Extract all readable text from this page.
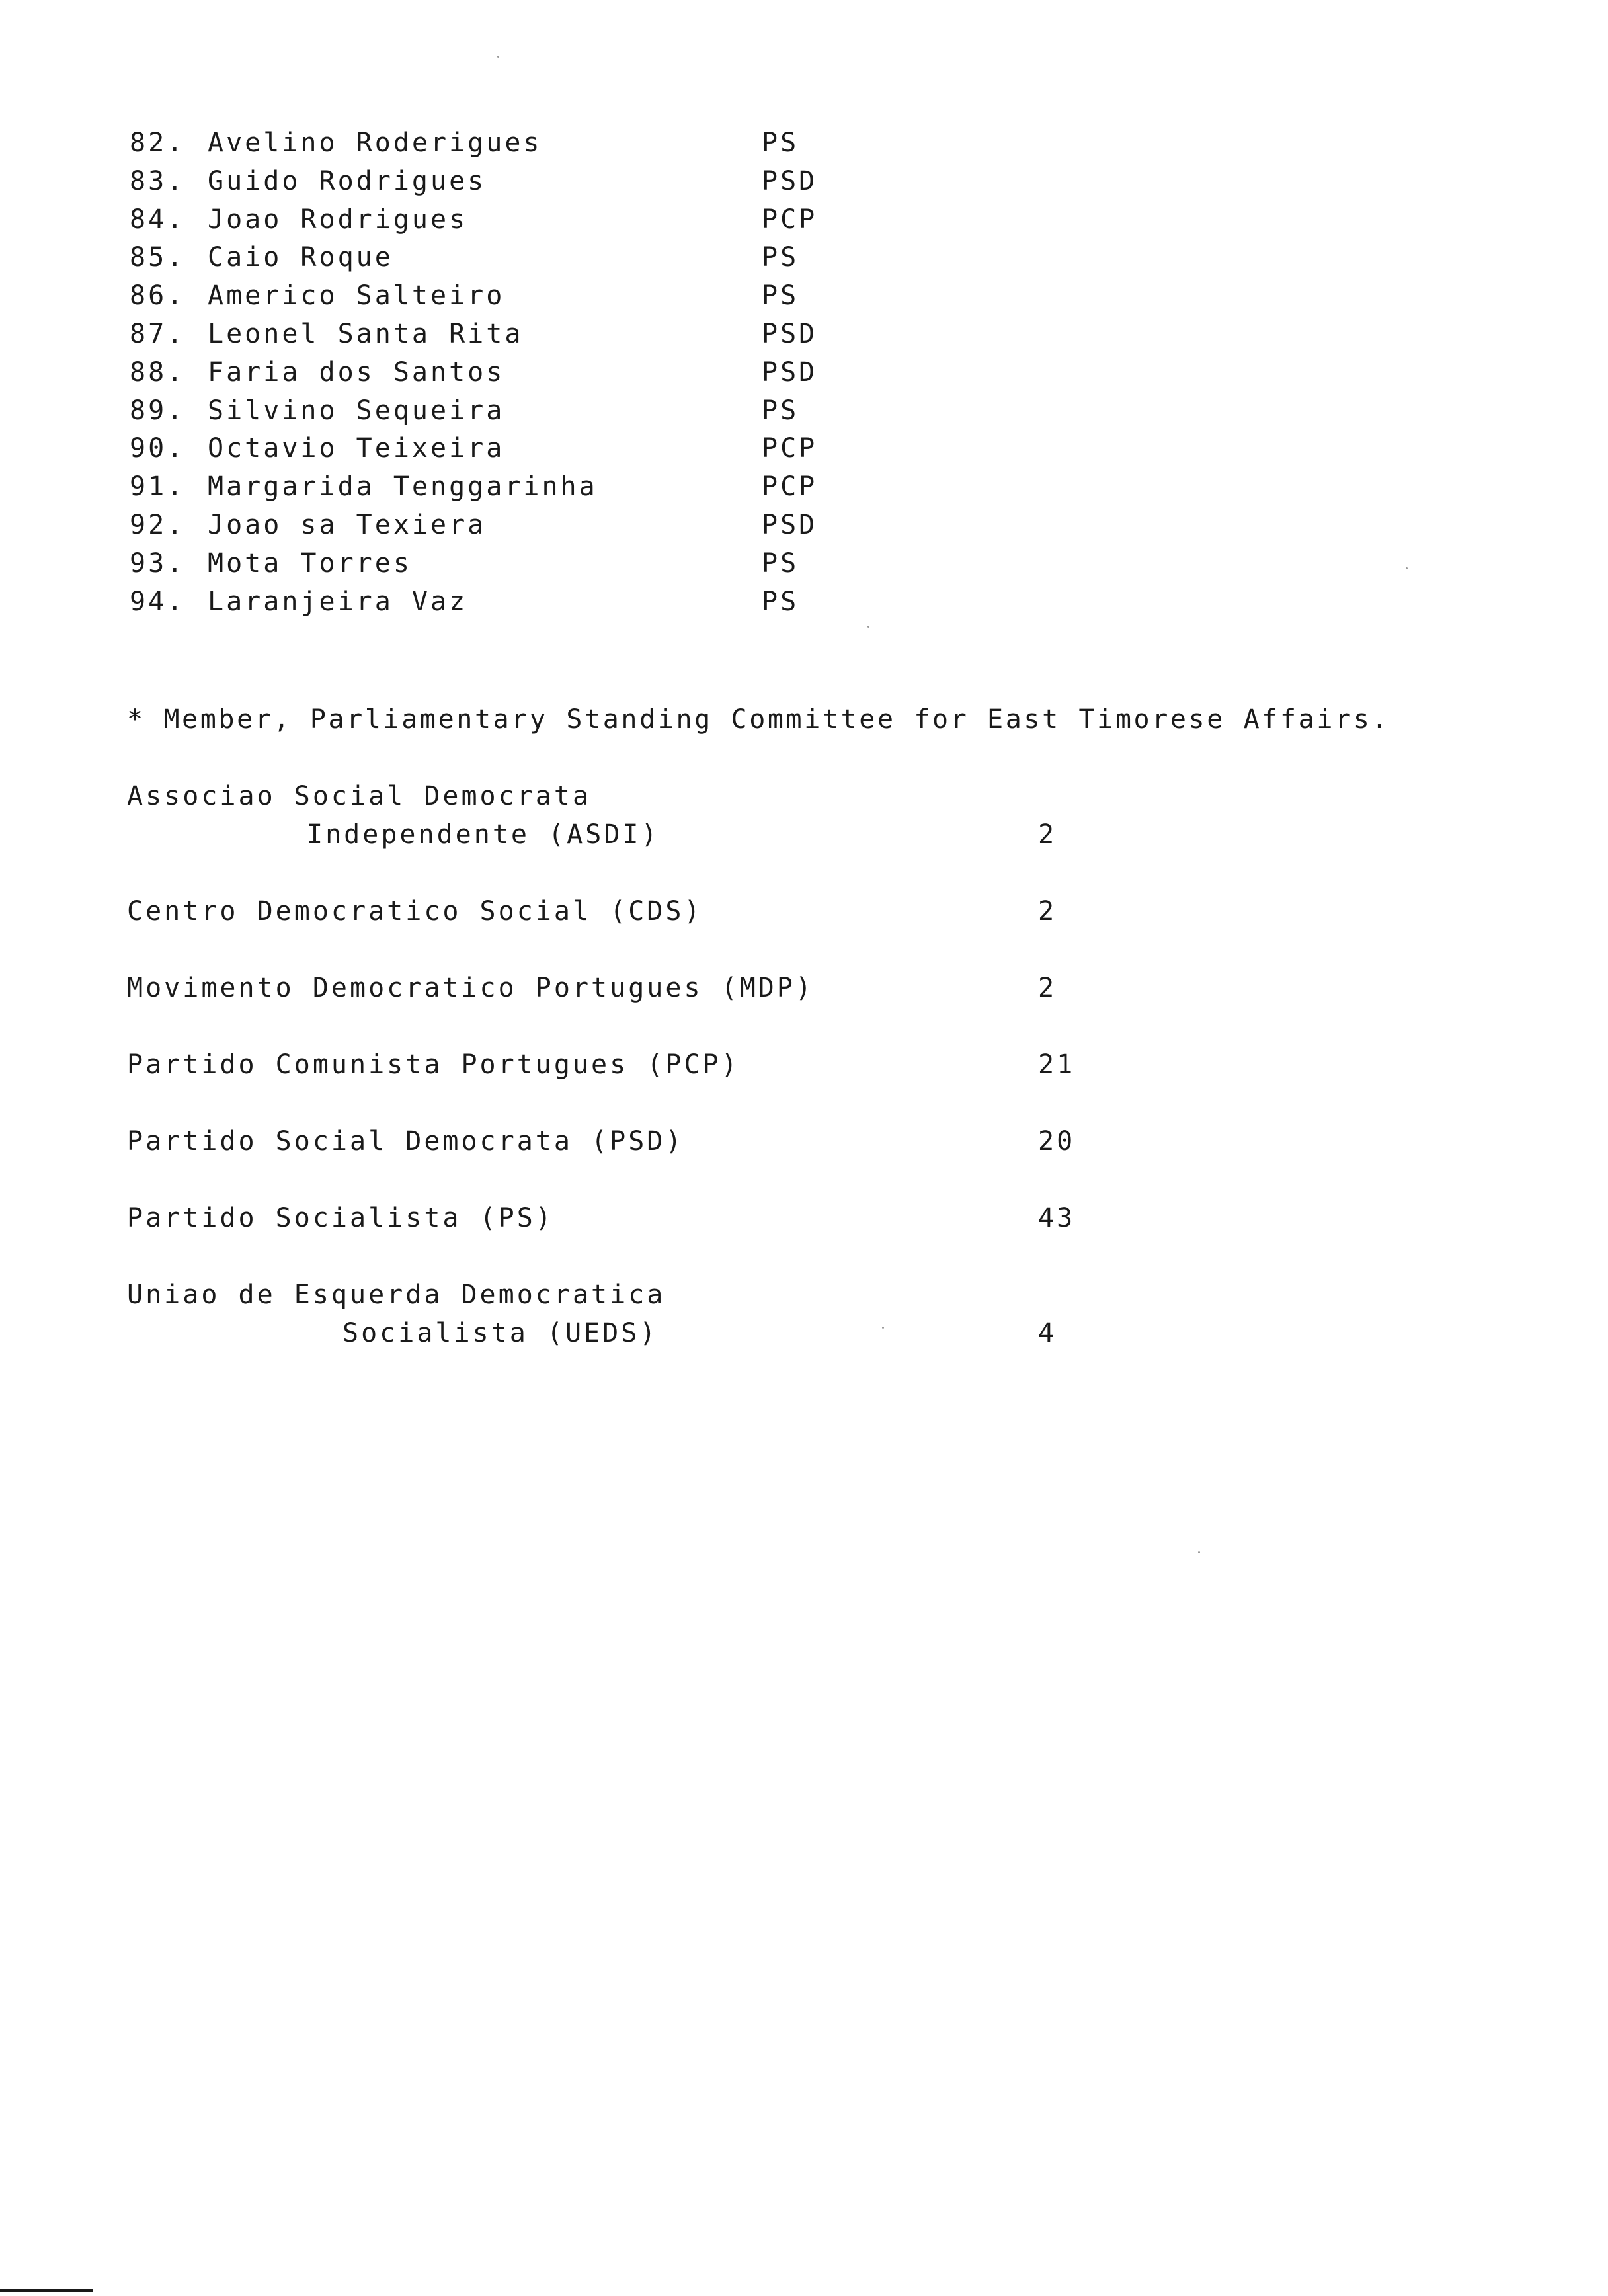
82. Avelino Roderigues	PS
83. Guido Rodrigues	PSD
84. Joao Rodrigues	PCP
85. Caio Roque	PS
86. Americo Salteiro	PS
87. Leonel Santa Rita	PSD
88. Faria dos Santos	PSD
89. Silvino Sequeira	PS
90. Octavio Teixeira	PCP
91. Margarida Tenggarinha	PCP
92. Joao sa Texiera	PSD
93. Mota Torres	PS
94. Laranjeira Vaz	PS
* Member, Parliamentary Standing Committee for East Timorese Affairs.
Associao Social Democrata
Independente (ASDI)	2
Centro Democratico Social (CDS)	2
Movimento Democratico Portugues (MDP)	2
Partido Comunista Portugues (PCP)	21
Partido Social Democrata (PSD)	20
Partido Socialista (PS)	43
Uniao de Esquerda Democratica
Socialista (UEDS)	4
